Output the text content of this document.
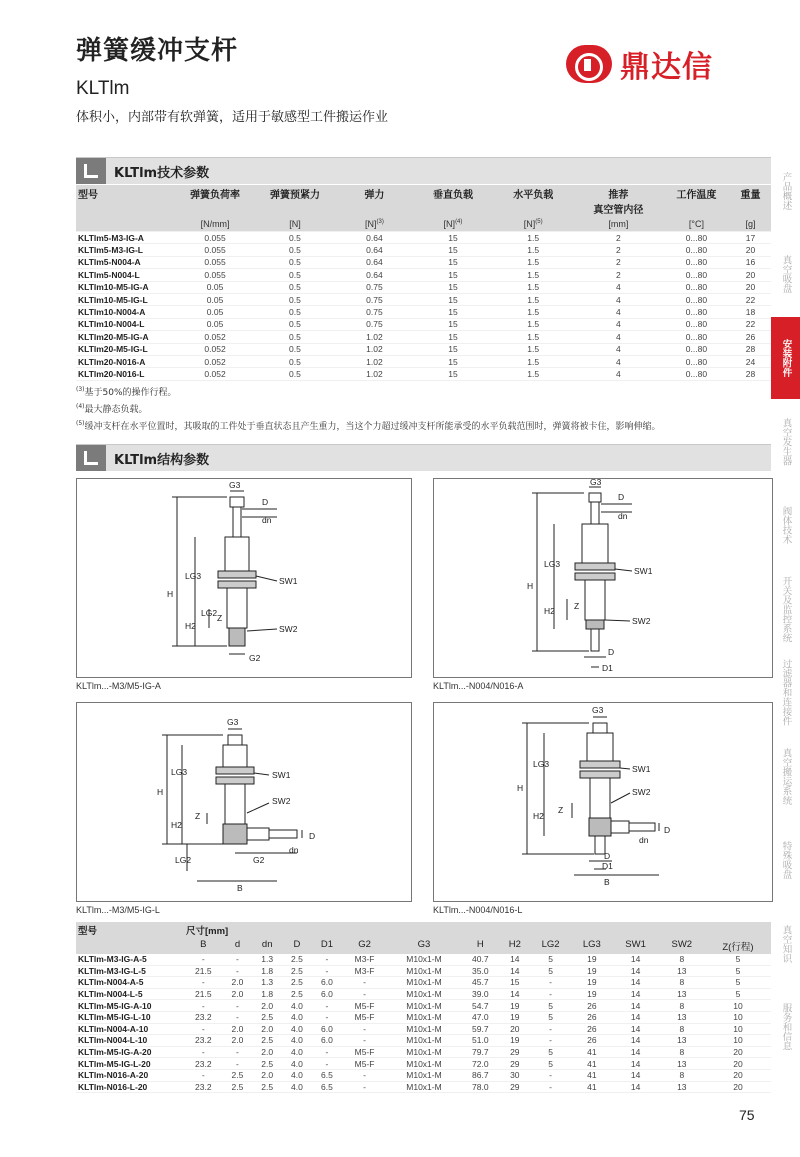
弹簧缓冲支杆
KLTlm
体积小，内部带有软弹簧，适用于敏感型工件搬运作业
鼎达信
KLTlm技术参数
型号	弹簧负荷率	弹簧预紧力	弹力	垂直负载	水平负载	推荐
真空管内径	工作温度	重量
	[N/mm]	[N]	$[N]^{(3)}$	$[N]^{(4)}$	$[N]^{(5)}$	[mm]	[°C]	[g]
KLTlm5-M3-IG-A	0.055	0.5	0.64	15	1.5	2	0...80	17
KLTlm5-M3-IG-L	0.055	0.5	0.64	15	1.5	2	0...80	20
KLTlm5-N004-A	0.055	0.5	0.64	15	1.5	2	0...80	16
KLTlm5-N004-L	0.055	0.5	0.64	15	1.5	2	0...80	20
KLTlm10-M5-IG-A	0.05	0.5	0.75	15	1.5	4	0...80	20
KLTlm10-M5-IG-L	0.05	0.5	0.75	15	1.5	4	0...80	22
KLTlm10-N004-A	0.05	0.5	0.75	15	1.5	4	0...80	18
KLTlm10-N004-L	0.05	0.5	0.75	15	1.5	4	0...80	22
KLTlm20-M5-IG-A	0.052	0.5	1.02	15	1.5	4	0...80	26
KLTlm20-M5-IG-L	0.052	0.5	1.02	15	1.5	4	0...80	28
KLTlm20-N016-A	0.052	0.5	1.02	15	1.5	4	0...80	24
KLTlm20-N016-L	0.052	0.5	1.02	15	1.5	4	0...80	28
$^{(3)}$基于50%的操作行程。
$^{(4)}$最大静态负载。
$^{(5)}$缓冲支杆在水平位置时，其吸取的工件处于垂直状态且产生重力，当这个力超过缓冲支杆所能承受的水平负载范围时，弹簧将被卡住，影响伸缩。
KLTlm结构参数
G3
D
dn
SW1
SW2
H
LG3
H2
LG2 Z
G2
KLTlm...-M3/M5-IG-A
G3
D
dn
SW1
SW2
H
LG3
H2 Z
D
D1
KLTlm...-N004/N016-A
G3
SW1
SW2
H
LG3
H2
Z
LG2	G2
B
dn
D
KLTlm...-M3/M5-IG-L
G3
SW1
SW2
H
LG3
H2
Z
D
D1
B
dn
D
KLTlm...-N004/N016-L
型号	尺寸[mm]													
	B	d	dn	D	D1	G2	G3	H	H2	LG2	LG3	SW1	SW2	Z(行程)
KLTlm-M3-IG-A-5	-	-	1.3	2.5	-	M3-F	M10x1-M	40.7	14	5	19	14	8	5
KLTlm-M3-IG-L-5	21.5	-	1.8	2.5	-	M3-F	M10x1-M	35.0	14	5	19	14	13	5
KLTlm-N004-A-5	-	2.0	1.3	2.5	6.0	-	M10x1-M	45.7	15	-	19	14	8	5
KLTlm-N004-L-5	21.5	2.0	1.8	2.5	6.0	-	M10x1-M	39.0	14	-	19	14	13	5
KLTlm-M5-IG-A-10	-	-	2.0	4.0	-	M5-F	M10x1-M	54.7	19	5	26	14	8	10
KLTlm-M5-IG-L-10	23.2	-	2.5	4.0	-	M5-F	M10x1-M	47.0	19	5	26	14	13	10
KLTlm-N004-A-10	-	2.0	2.0	4.0	6.0	-	M10x1-M	59.7	20	-	26	14	8	10
KLTlm-N004-L-10	23.2	2.0	2.5	4.0	6.0	-	M10x1-M	51.0	19	-	26	14	13	10
KLTlm-M5-IG-A-20	-	-	2.0	4.0	-	M5-F	M10x1-M	79.7	29	5	41	14	8	20
KLTlm-M5-IG-L-20	23.2	-	2.5	4.0	-	M5-F	M10x1-M	72.0	29	5	41	14	13	20
KLTlm-N016-A-20	-	2.5	2.0	4.0	6.5	-	M10x1-M	86.7	30	-	41	14	8	20
KLTlm-N016-L-20	23.2	2.5	2.5	4.0	6.5	-	M10x1-M	78.0	29	-	41	14	13	20
产品概述
真空吸盘
安装附件
真空发生器
阀体技术
开关及监控系统
过滤器和连接件
真空搬运系统
特殊吸盘
真空知识
服务和信息
75
